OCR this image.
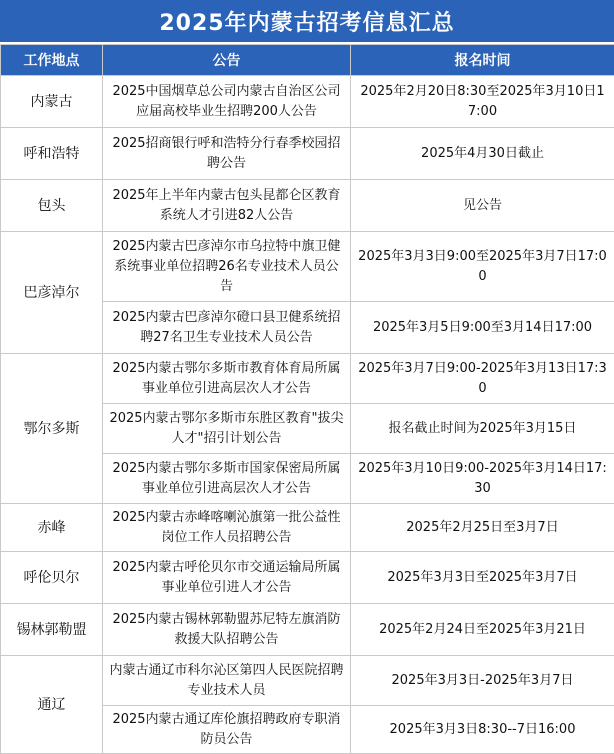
2025年内蒙古招考信息汇总
工作地点	公告	报名时间
内蒙古	2025中国烟草总公司内蒙古自治区公司应届高校毕业生招聘200人公告	2025年2月20日8:30至2025年3月10日17:00
呼和浩特	2025招商银行呼和浩特分行春季校园招聘公告	2025年4月30日截止
包头	2025年上半年内蒙古包头昆都仑区教育系统人才引进82人公告	见公告
巴彦淖尔	2025内蒙古巴彦淖尔市乌拉特中旗卫健系统事业单位招聘26名专业技术人员公告	2025年3月3日9:00至2025年3月7日17:00
	2025内蒙古巴彦淖尔磴口县卫健系统招聘27名卫生专业技术人员公告	2025年3月5日9:00至3月14日17:00
鄂尔多斯	2025内蒙古鄂尔多斯市教育体育局所属事业单位引进高层次人才公告	2025年3月7日9:00-2025年3月13日17:30
	2025内蒙古鄂尔多斯市东胜区教育"拔尖人才"招引计划公告	报名截止时间为2025年3月15日
	2025内蒙古鄂尔多斯市国家保密局所属事业单位引进高层次人才公告	2025年3月10日9:00-2025年3月14日17:30
赤峰	2025内蒙古赤峰喀喇沁旗第一批公益性岗位工作人员招聘公告	2025年2月25日至3月7日
呼伦贝尔	2025内蒙古呼伦贝尔市交通运输局所属事业单位引进人才公告	2025年3月3日至2025年3月7日
锡林郭勒盟	2025内蒙古锡林郭勒盟苏尼特左旗消防救援大队招聘公告	2025年2月24日至2025年3月21日
通辽	内蒙古通辽市科尔沁区第四人民医院招聘专业技术人员	2025年3月3日-2025年3月7日
	2025内蒙古通辽库伦旗招聘政府专职消防员公告	2025年3月3日8:30--7日16:00
